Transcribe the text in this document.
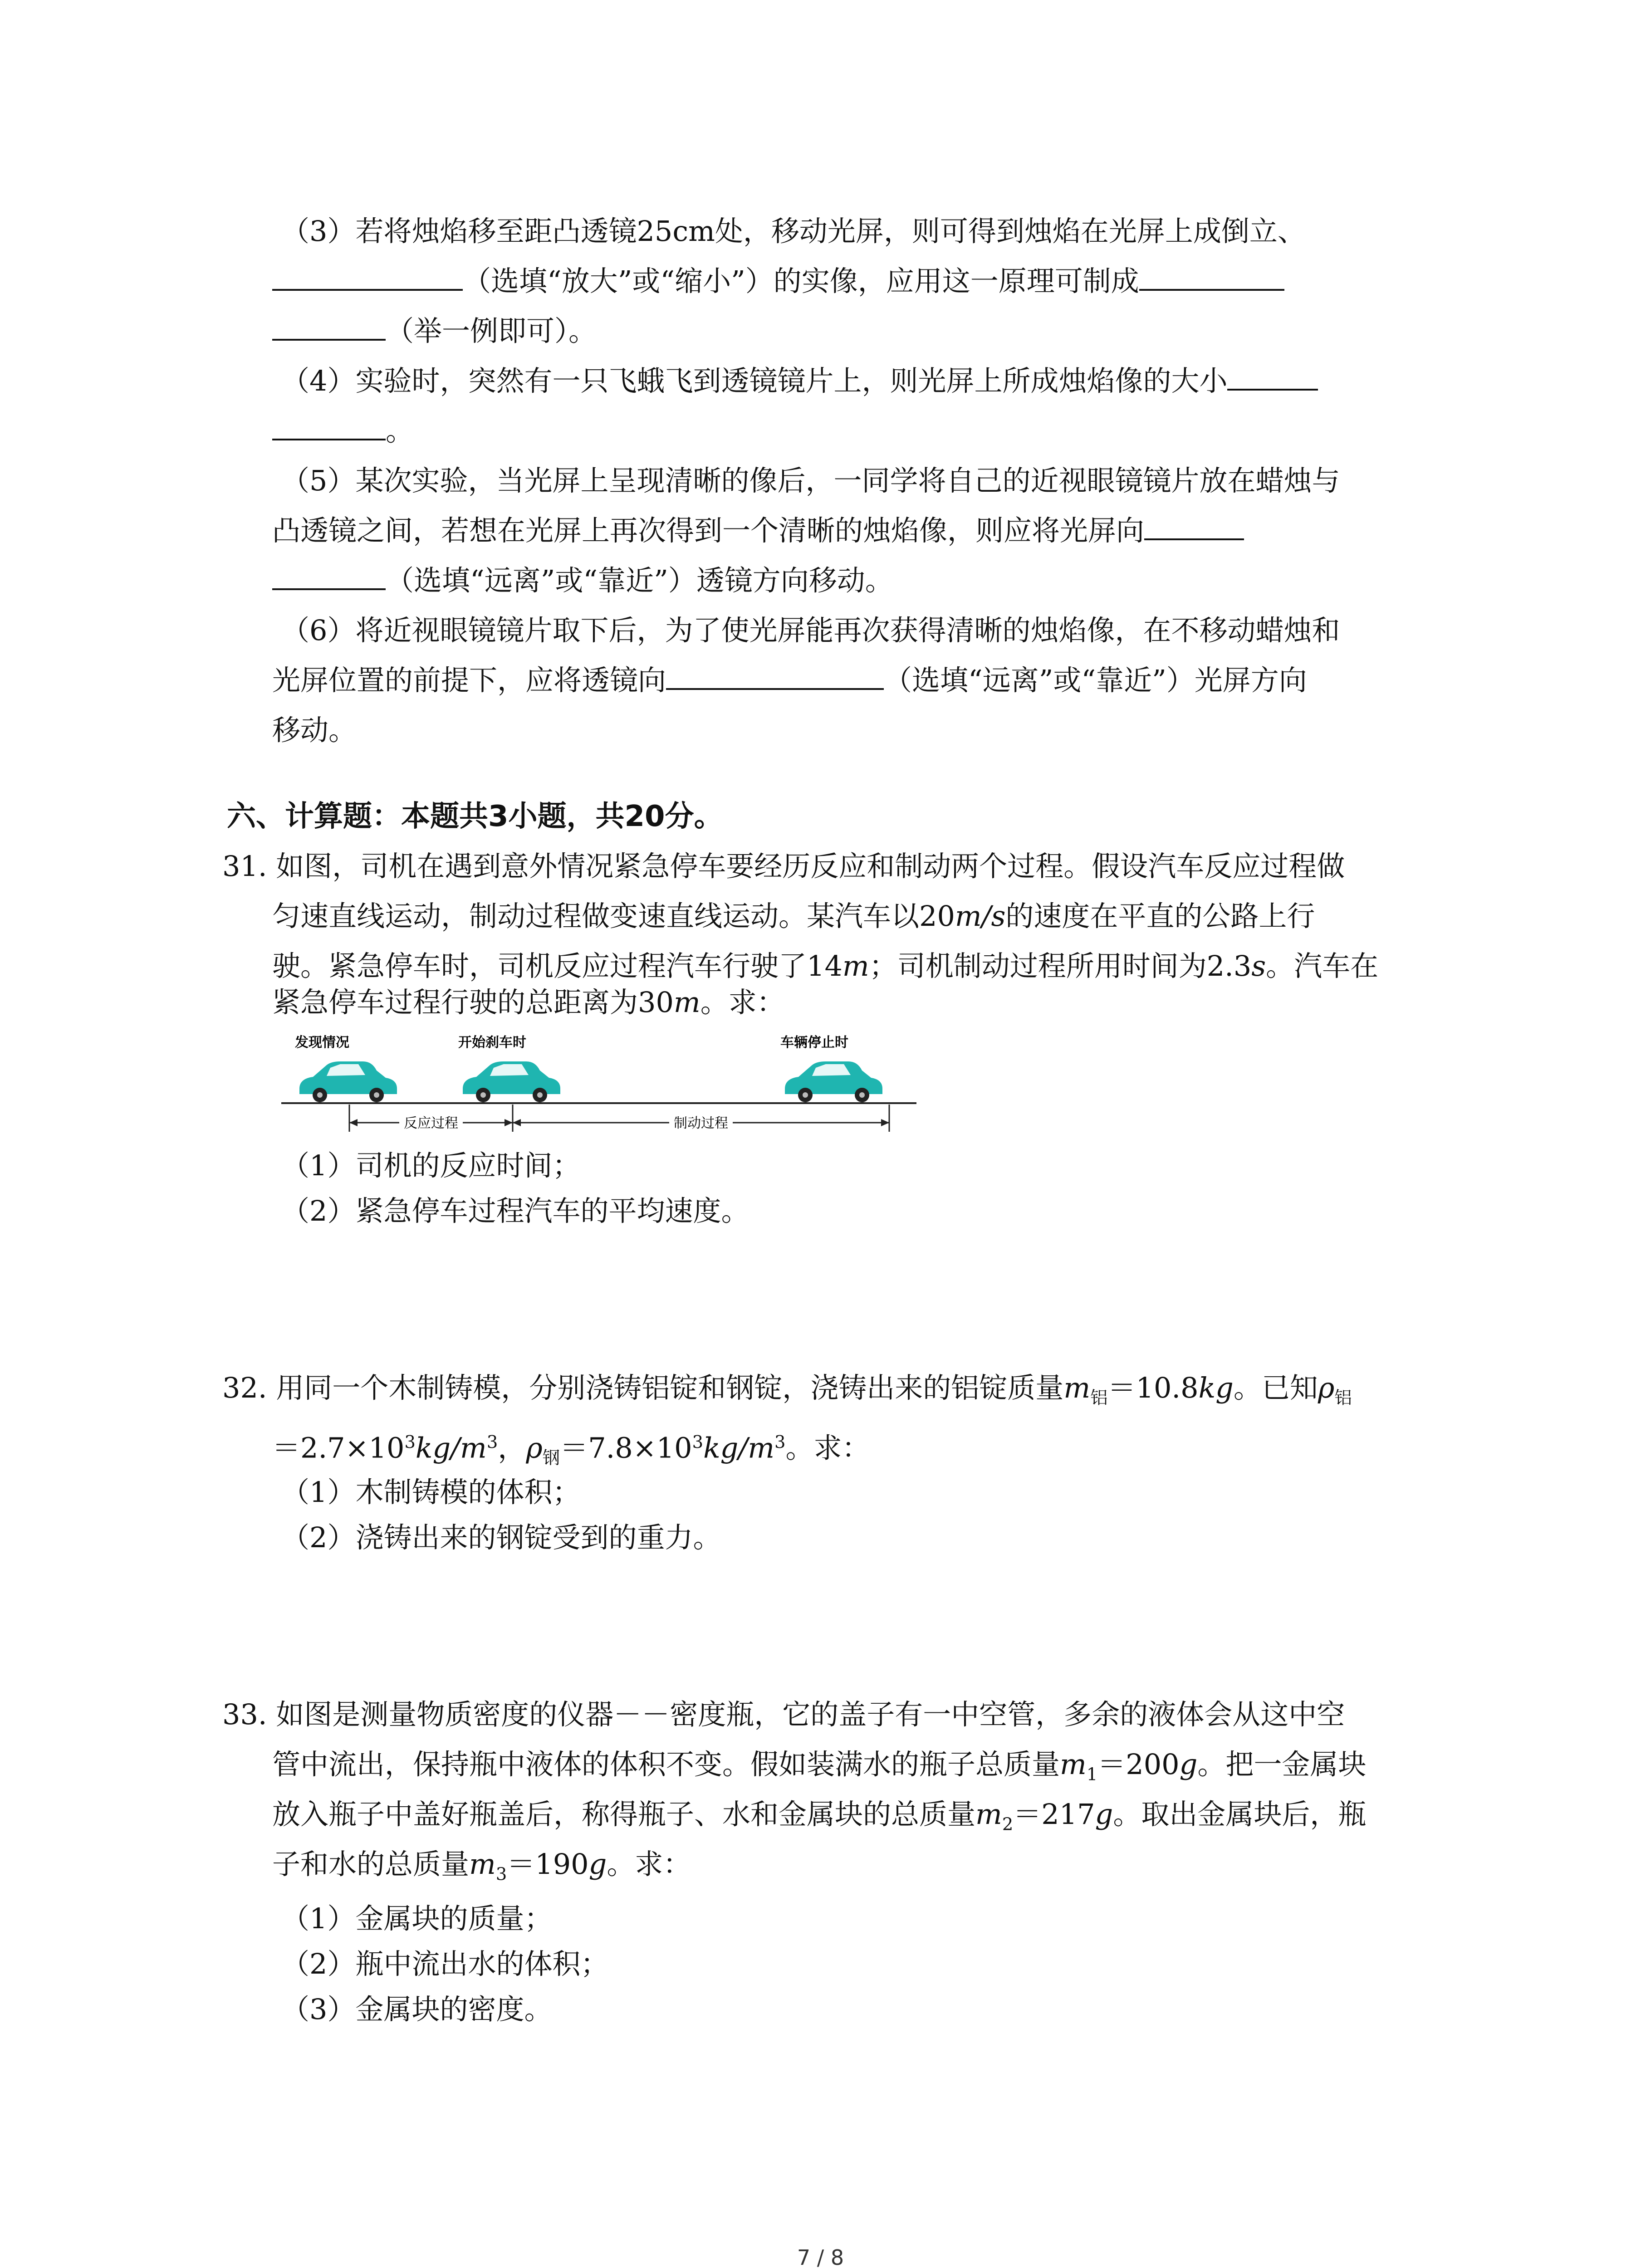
（3）若将烛焰移至距凸透镜25cm处，移动光屏，则可得到烛焰在光屏上成倒立、
（选填“放大”或“缩小”）的实像，应用这一原理可制成
（举一例即可）。
（4）实验时，突然有一只飞蛾飞到透镜镜片上，则光屏上所成烛焰像的大小
。
（5）某次实验，当光屏上呈现清晰的像后，一同学将自己的近视眼镜镜片放在蜡烛与
凸透镜之间，若想在光屏上再次得到一个清晰的烛焰像，则应将光屏向
（选填“远离”或“靠近”）透镜方向移动。
（6）将近视眼镜镜片取下后，为了使光屏能再次获得清晰的烛焰像，在不移动蜡烛和
光屏位置的前提下，应将透镜向	（选填“远离”或“靠近”）光屏方向
移动。
六、计算题：本题共3小题，共20分。
31. 如图，司机在遇到意外情况紧急停车要经历反应和制动两个过程。假设汽车反应过程做
匀速直线运动，制动过程做变速直线运动。某汽车以20m/s的速度在平直的公路上行
驶。紧急停车时，司机反应过程汽车行驶了14m；司机制动过程所用时间为2.3s。汽车在
紧急停车过程行驶的总距离为30m。求：
发现情况	开始刹车时	车辆停止时
反应过程	制动过程
（1）司机的反应时间；
（2）紧急停车过程汽车的平均速度。
32. 用同一个木制铸模，分别浇铸铝锭和钢锭，浇铸出来的铝锭质量$m_铝=10.8kg$。已知$\rho_铝$
$=2.7\times 10^3kg/m^3$，$\rho_钢=7.8\times 10^3kg/m^3$。求：
（1）木制铸模的体积；
（2）浇铸出来的钢锭受到的重力。
33. 如图是测量物质密度的仪器－－密度瓶，它的盖子有一中空管，多余的液体会从这中空
管中流出，保持瓶中液体的体积不变。假如装满水的瓶子总质量$m_1=200g$。把一金属块
放入瓶子中盖好瓶盖后，称得瓶子、水和金属块的总质量$m_2=217g$。取出金属块后，瓶
子和水的总质量$m_3=190g$。求：
（1）金属块的质量；
（2）瓶中流出水的体积；
（3）金属块的密度。
7 / 8
